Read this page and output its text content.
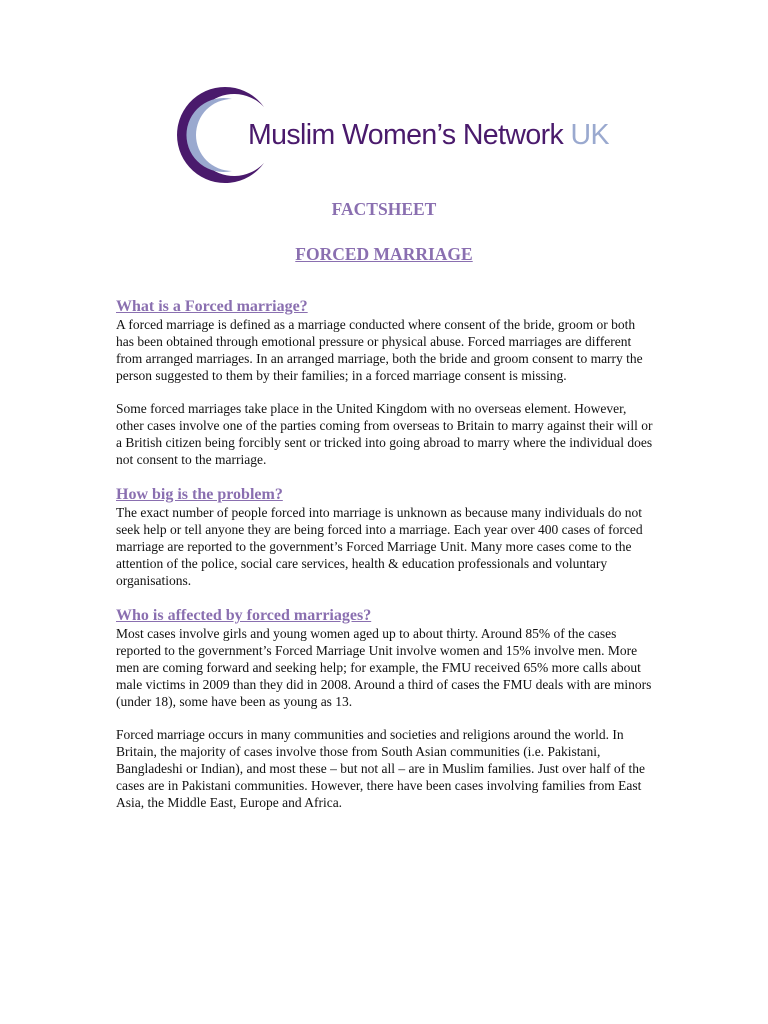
Muslim Women’s Network UK
FACTSHEET
FORCED MARRIAGE
What is a Forced marriage?

A forced marriage is defined as a marriage conducted where consent of the bride, groom or both has been obtained through emotional pressure or physical abuse. Forced marriages are different from arranged marriages. In an arranged marriage, both the bride and groom consent to marry the person suggested to them by their families; in a forced marriage consent is missing.

Some forced marriages take place in the United Kingdom with no overseas element. However, other cases involve one of the parties coming from overseas to Britain to marry against their will or a British citizen being forcibly sent or tricked into going abroad to marry where the individual does not consent to the marriage.

How big is the problem?

The exact number of people forced into marriage is unknown as because many individuals do not seek help or tell anyone they are being forced into a marriage. Each year over 400 cases of forced marriage are reported to the government’s Forced Marriage Unit. Many more cases come to the attention of the police, social care services, health & education professionals and voluntary organisations.

Who is affected by forced marriages?

Most cases involve girls and young women aged up to about thirty. Around 85% of the cases reported to the government’s Forced Marriage Unit involve women and 15% involve men. More men are coming forward and seeking help; for example, the FMU received 65% more calls about male victims in 2009 than they did in 2008. Around a third of cases the FMU deals with are minors (under 18), some have been as young as 13.

Forced marriage occurs in many communities and societies and religions around the world. In Britain, the majority of cases involve those from South Asian communities (i.e. Pakistani, Bangladeshi or Indian), and most these – but not all – are in Muslim families. Just over half of the cases are in Pakistani communities. However, there have been cases involving families from East Asia, the Middle East, Europe and Africa.
